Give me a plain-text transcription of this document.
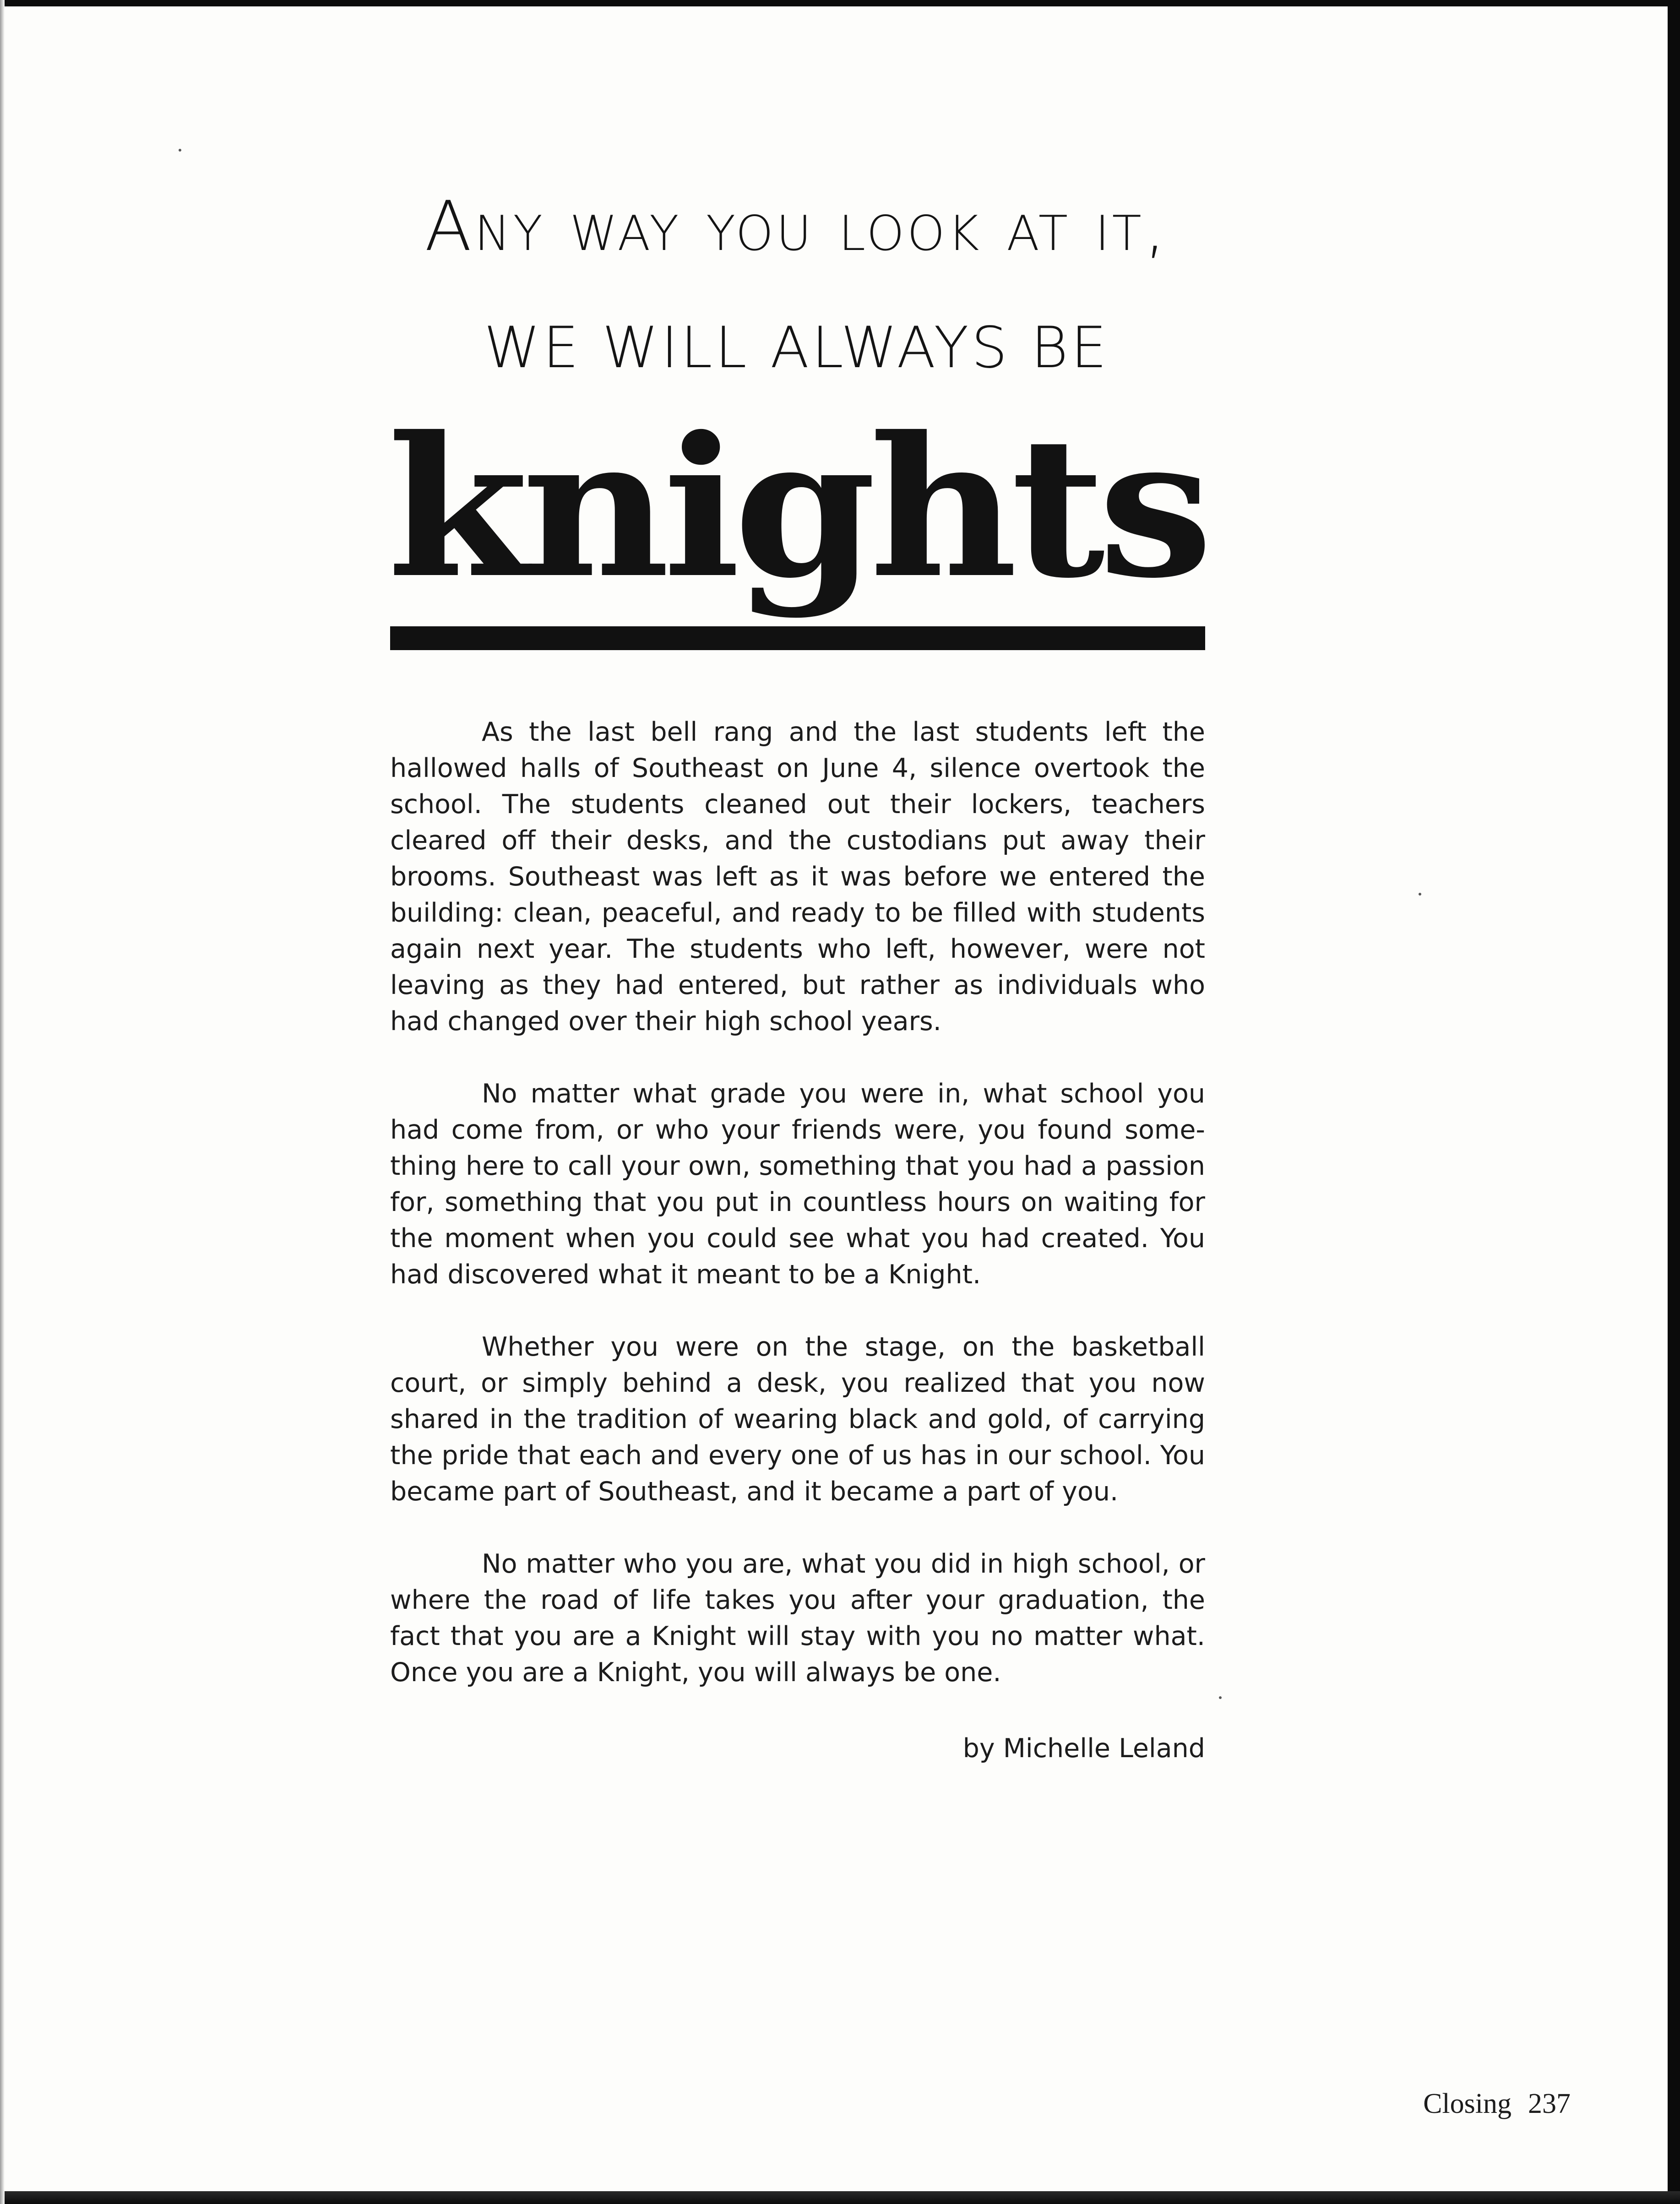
Any way you look at it,
WE WILL ALWAYS BE
knights

As the last bell rang and the last students left the hallowed halls of Southeast on June 4, silence overtook the school. The students cleaned out their lockers, teachers cleared off their desks, and the custodians put away their brooms. Southeast was left as it was before we entered the building: clean, peaceful, and ready to be filled with students again next year. The students who left, however, were not leaving as they had entered, but rather as individuals who had changed over their high school years.

No matter what grade you were in, what school you had come from, or who your friends were, you found some-thing here to call your own, something that you had a passion for, something that you put in countless hours on waiting for the moment when you could see what you had created. You had discovered what it meant to be a Knight.

Whether you were on the stage, on the basketball court, or simply behind a desk, you realized that you now shared in the tradition of wearing black and gold, of carrying the pride that each and every one of us has in our school. You became part of Southeast, and it became a part of you.

No matter who you are, what you did in high school, or where the road of life takes you after your graduation, the fact that you are a Knight will stay with you no matter what. Once you are a Knight, you will always be one.

by Michelle Leland
Closing 237
